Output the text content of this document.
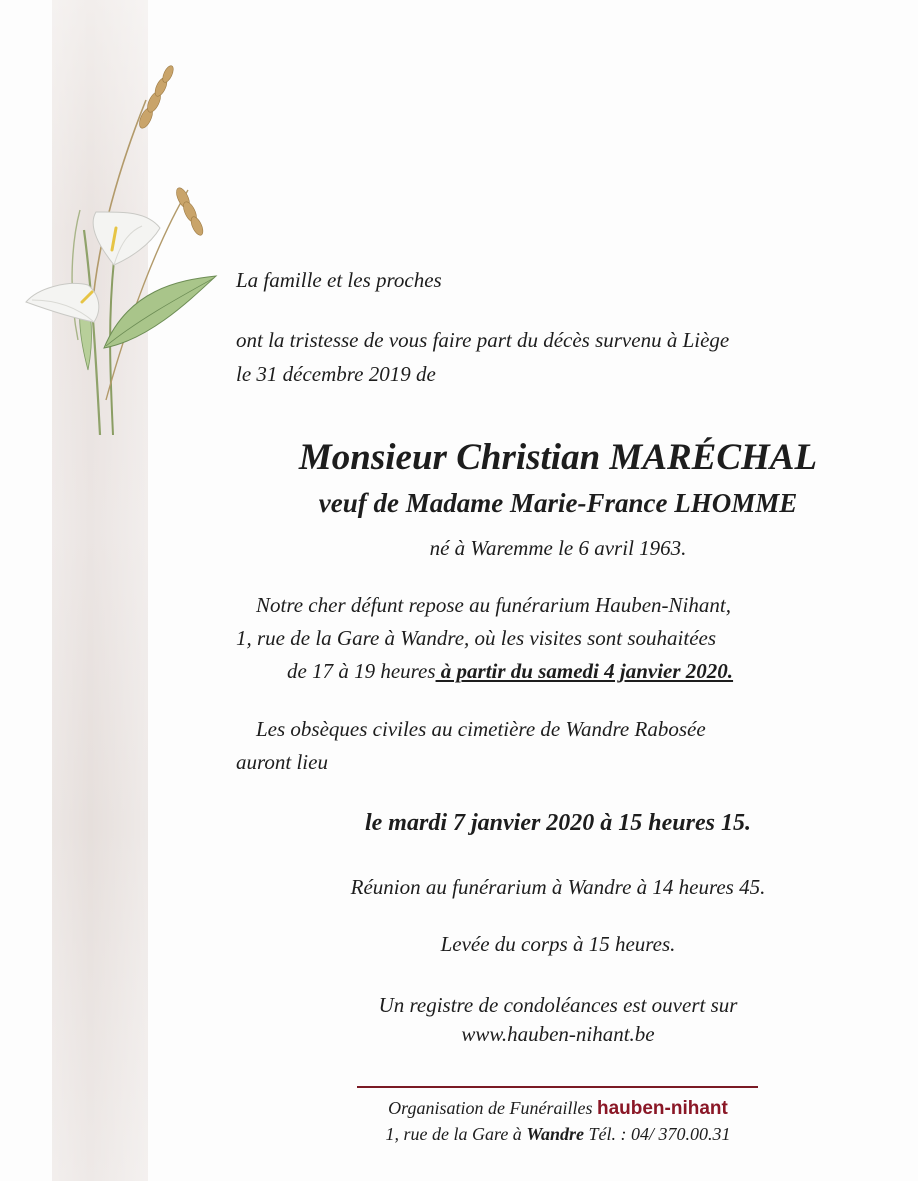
La famille et les proches

ont la tristesse de vous faire part du décès survenu à Liège

le 31 décembre 2019 de

Monsieur Christian MARÉCHAL

veuf de Madame Marie-France LHOMME

né à Waremme le 6 avril 1963.

Notre cher défunt repose au funérarium Hauben-Nihant,

1, rue de la Gare à Wandre, où les visites sont souhaitées

de 17 à 19 heures à partir du samedi 4 janvier 2020.

Les obsèques civiles au cimetière de Wandre Rabosée

auront lieu

le mardi 7 janvier 2020 à 15 heures 15.

Réunion au funérarium à Wandre à 14 heures 45.

Levée du corps à 15 heures.

Un registre de condoléances est ouvert sur

www.hauben-nihant.be

Organisation de Funérailles hauben-nihant

1, rue de la Gare à Wandre Tél. : 04/ 370.00.31
